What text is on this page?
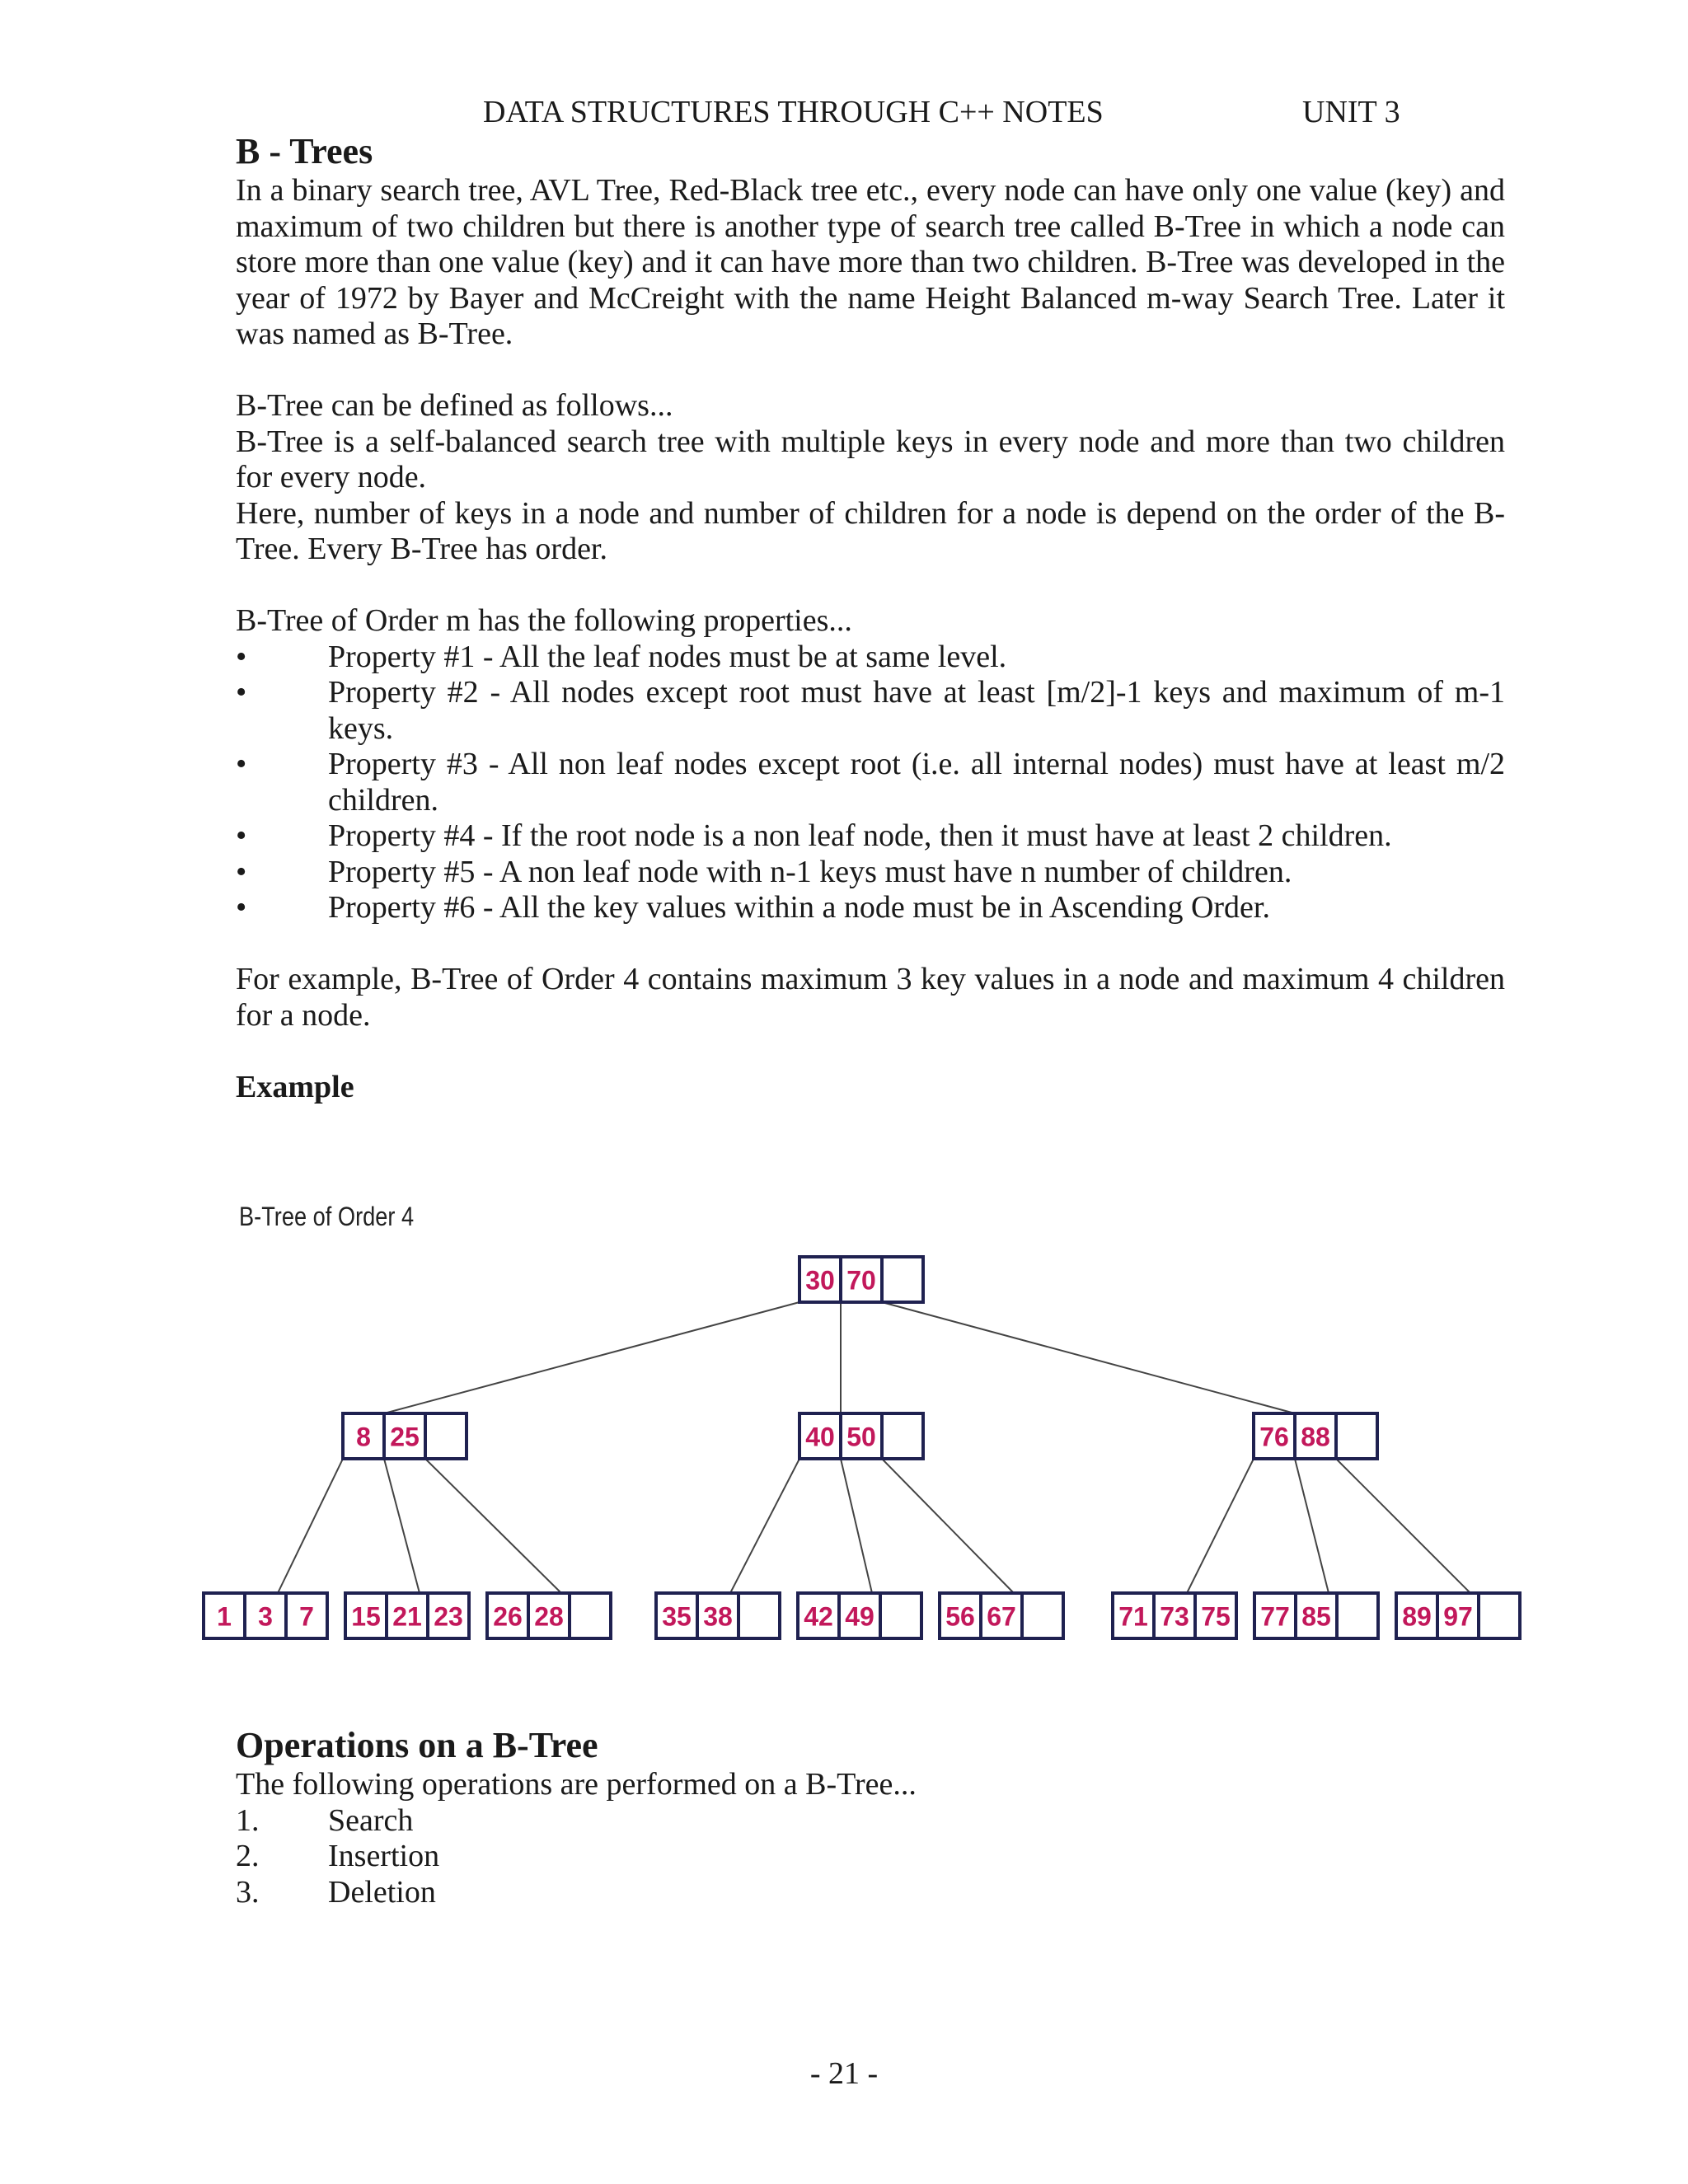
DATA STRUCTURES THROUGH C++ NOTES	UNIT 3
B - Trees

In a binary search tree, AVL Tree, Red-Black tree etc., every node can have only one value (key) and maximum of two children but there is another type of search tree called B-Tree in which a node can store more than one value (key) and it can have more than two children. B-Tree was developed in the year of 1972 by Bayer and McCreight with the name Height Balanced m-way Search Tree. Later it was named as B-Tree.

B-Tree can be defined as follows...

B-Tree is a self-balanced search tree with multiple keys in every node and more than two children for every node.

Here, number of keys in a node and number of children for a node is depend on the order of the B-Tree. Every B-Tree has order.

B-Tree of Order m has the following properties...

•	Property #1 - All the leaf nodes must be at same level.
•	Property #2 - All nodes except root must have at least [m/2]-1 keys and maximum of m-1 keys.
•	Property #3 - All non leaf nodes except root (i.e. all internal nodes) must have at least m/2 children.
•	Property #4 - If the root node is a non leaf node, then it must have at least 2 children.
•	Property #5 - A non leaf node with n-1 keys must have n number of children.
•	Property #6 - All the key values within a node must be in Ascending Order.

For example, B-Tree of Order 4 contains maximum 3 key values in a node and maximum 4 children for a node.

Example

B-Tree of Order 4
30 70
8 25	40 50	76 88
1 3 7 15 21 23 26 28	35 38	42 49	56 67	71 73 75 77 85	89 97
Operations on a B-Tree

The following operations are performed on a B-Tree...

1. Search
2. Insertion
3. Deletion
- 21 -
